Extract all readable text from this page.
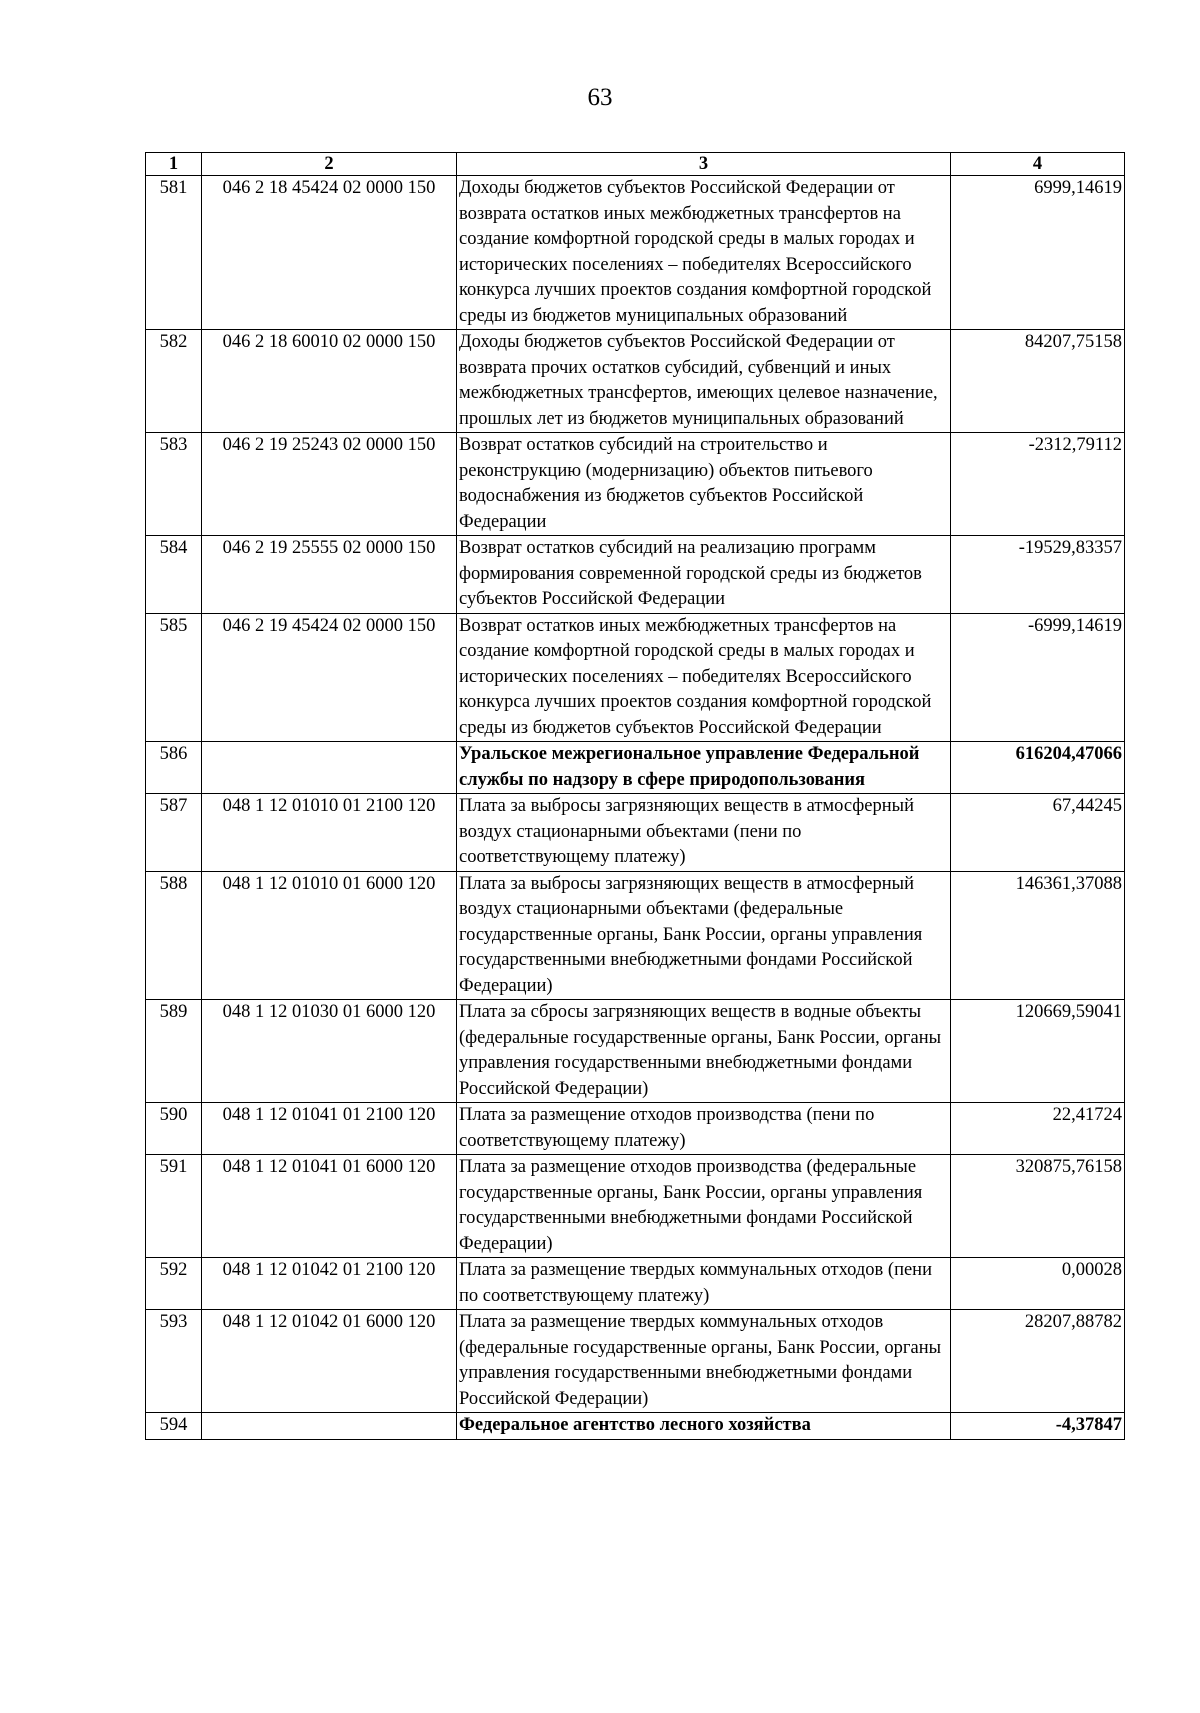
63
1	2	3	4
581	046 2 18 45424 02 0000 150	Доходы бюджетов субъектов Российской Федерации от возврата остатков иных межбюджетных трансфертов на создание комфортной городской среды в малых городах и исторических поселениях – победителях Всероссийского конкурса лучших проектов создания комфортной городской среды из бюджетов муниципальных образований	6999,14619
582	046 2 18 60010 02 0000 150	Доходы бюджетов субъектов Российской Федерации от возврата прочих остатков субсидий, субвенций и иных межбюджетных трансфертов, имеющих целевое назначение, прошлых лет из бюджетов муниципальных образований	84207,75158
583	046 2 19 25243 02 0000 150	Возврат остатков субсидий на строительство и реконструкцию (модернизацию) объектов питьевого водоснабжения из бюджетов субъектов Российской Федерации	-2312,79112
584	046 2 19 25555 02 0000 150	Возврат остатков субсидий на реализацию программ формирования современной городской среды из бюджетов субъектов Российской Федерации	-19529,83357
585	046 2 19 45424 02 0000 150	Возврат остатков иных межбюджетных трансфертов на создание комфортной городской среды в малых городах и исторических поселениях – победителях Всероссийского конкурса лучших проектов создания комфортной городской среды из бюджетов субъектов Российской Федерации	-6999,14619
586		Уральское межрегиональное управление Федеральной службы по надзору в сфере природопользования	616204,47066
587	048 1 12 01010 01 2100 120	Плата за выбросы загрязняющих веществ в атмосферный воздух стационарными объектами (пени по соответствующему платежу)	67,44245
588	048 1 12 01010 01 6000 120	Плата за выбросы загрязняющих веществ в атмосферный воздух стационарными объектами (федеральные государственные органы, Банк России, органы управления государственными внебюджетными фондами Российской Федерации)	146361,37088
589	048 1 12 01030 01 6000 120	Плата за сбросы загрязняющих веществ в водные объекты (федеральные государственные органы, Банк России, органы управления государственными внебюджетными фондами Российской Федерации)	120669,59041
590	048 1 12 01041 01 2100 120	Плата за размещение отходов производства (пени по соответствующему платежу)	22,41724
591	048 1 12 01041 01 6000 120	Плата за размещение отходов производства (федеральные государственные органы, Банк России, органы управления государственными внебюджетными фондами Российской Федерации)	320875,76158
592	048 1 12 01042 01 2100 120	Плата за размещение твердых коммунальных отходов (пени по соответствующему платежу)	0,00028
593	048 1 12 01042 01 6000 120	Плата за размещение твердых коммунальных отходов (федеральные государственные органы, Банк России, органы управления государственными внебюджетными фондами Российской Федерации)	28207,88782
594		Федеральное агентство лесного хозяйства	-4,37847
